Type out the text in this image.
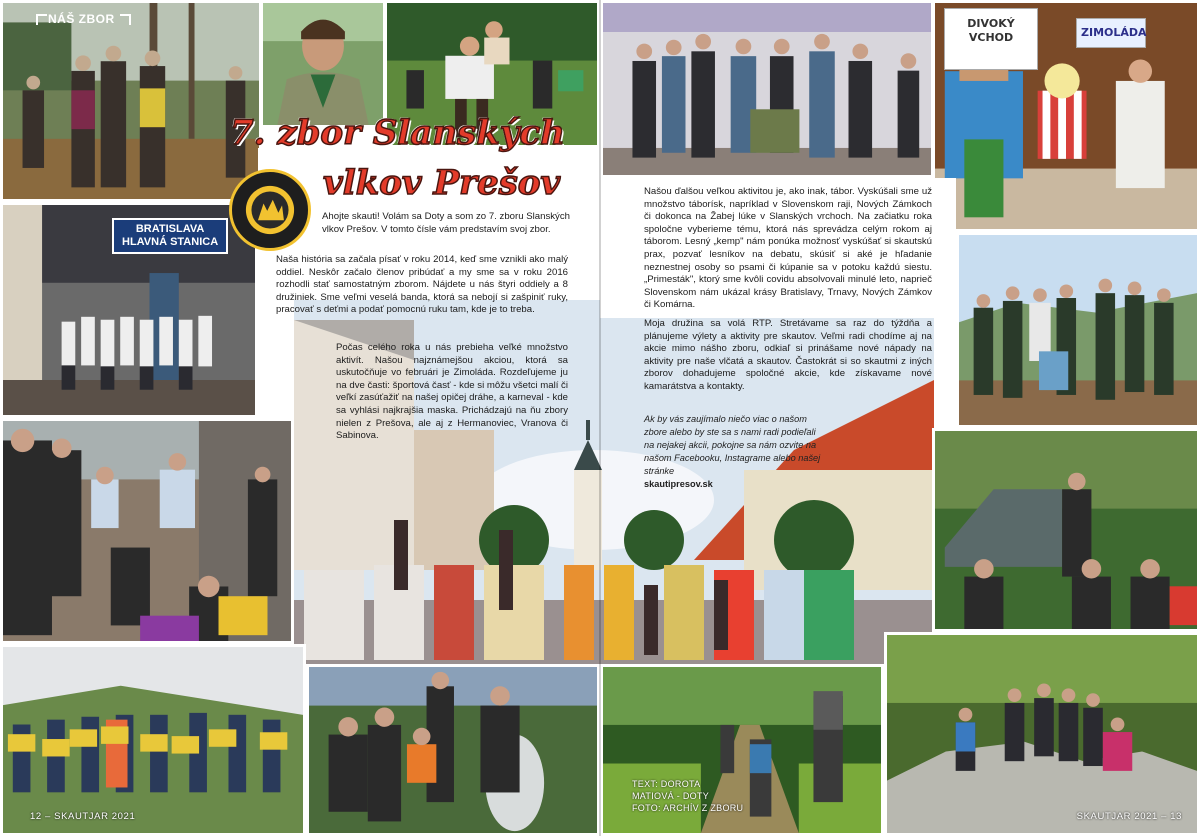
NÁŠ ZBOR	DIVOKÝ
VCHOD	ZIMOLÁDA
BRATISLAVA
HLAVNÁ STANICA
7. zbor Slanských
vlkov Prešov

Ahojte skauti! Volám sa Doty a som zo 7. zboru Slanských vlkov Prešov. V tomto čísle vám predstavím svoj zbor.

Naša história sa začala písať v roku 2014, keď sme vznikli ako malý oddiel. Neskôr začalo členov pribúdať a my sme sa v roku 2016 rozhodli stať samostatným zborom. Nájdete u nás štyri oddiely a 8 družiniek. Sme veľmi veselá banda, ktorá sa nebojí si zašpiniť ruky, pracovať s deťmi a podať pomocnú ruku tam, kde je to treba.

Počas celého roka u nás prebieha veľké množstvo aktivít. Našou najznámejšou akciou, ktorá sa uskutočňuje vo februári je Zimoláda. Rozdeľujeme ju na dve časti: športová časť - kde si môžu všetci malí či veľkí zasúťažiť na našej opičej dráhe, a karneval - kde sa vyhlási najkrajšia maska. Prichádzajú na ňu zbory nielen z Prešova, ale aj z Hermanoviec, Vranova či Sabinova.

Našou ďalšou veľkou aktivitou je, ako inak, tábor. Vyskúšali sme už množstvo táborísk, napríklad v Slovenskom raji, Nových Zámkoch či dokonca na Žabej lúke v Slanských vrchoch. Na začiatku roka spoločne vyberieme tému, ktorá nás sprevádza celým rokom aj táborom. Lesný „kemp" nám ponúka možnosť vyskúšať si skautskú prax, pozvať lesníkov na debatu, skúsiť si aké je hľadanie neznestnej osoby so psami či kúpanie sa v potoku každú siestu. „Primesták", ktorý sme kvôli covidu absolvovali minulé leto, naprieč Slovenskom nám ukázal krásy Bratislavy, Trnavy, Nových Zámkov či Komárna.

Moja družina sa volá RTP. Stretávame sa raz do týždňa a plánujeme výlety a aktivity pre skautov. Veľmi radi chodíme aj na akcie mimo nášho zboru, odkiaľ si prinášame nové nápady na aktivity pre naše vlčatá a skautov. Častokrát si so skautmi z iných zborov dohadujeme spoločné akcie, kde získavame nové kamarátstva a kontakty.

Ak by vás zaujímalo niečo viac o našom zbore alebo by ste sa s nami radi podieľali na nejakej akcii, pokojne sa nám ozvite na našom Facebooku, Instagrame alebo našej stránke
skautipresov.sk
TEXT: DOROTA
MATIOVÁ - DOTY
FOTO: ARCHÍV Z ZBORU
12 – SKAUTJAR 2021	SKAUTJAR 2021 – 13
